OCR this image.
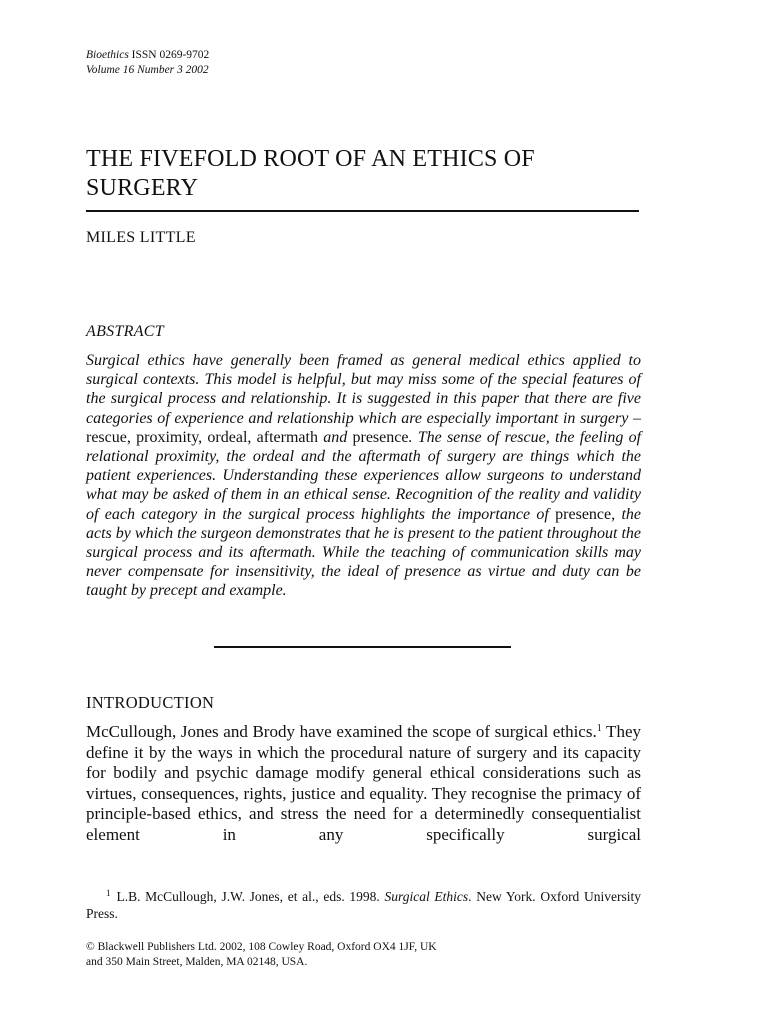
Bioethics ISSN 0269-9702
Volume 16 Number 3 2002
THE FIVEFOLD ROOT OF AN ETHICS OF
SURGERY
MILES LITTLE
ABSTRACT
Surgical ethics have generally been framed as general medical ethics applied to surgical contexts. This model is helpful, but may miss some of the special features of the surgical process and relationship. It is suggested in this paper that there are five categories of experience and relationship which are especially important in surgery – rescue, proximity, ordeal, aftermath and presence. The sense of rescue, the feeling of relational proximity, the ordeal and the aftermath of surgery are things which the patient experiences. Understanding these experiences allow surgeons to understand what may be asked of them in an ethical sense. Recognition of the reality and validity of each category in the surgical process highlights the importance of presence, the acts by which the surgeon demonstrates that he is present to the patient throughout the surgical process and its aftermath. While the teaching of communication skills may never compensate for insensitivity, the ideal of presence as virtue and duty can be taught by precept and example.
INTRODUCTION
McCullough, Jones and Brody have examined the scope of surgical ethics.$^1$ They define it by the ways in which the procedural nature of surgery and its capacity for bodily and psychic damage modify general ethical considerations such as virtues, consequences, rights, justice and equality. They recognise the primacy of principle-based ethics, and stress the need for a determinedly consequentialist element in any specifically surgical
$^1$ L.B. McCullough, J.W. Jones, et al., eds. 1998. Surgical Ethics. New York. Oxford University Press.
© Blackwell Publishers Ltd. 2002, 108 Cowley Road, Oxford OX4 1JF, UK
and 350 Main Street, Malden, MA 02148, USA.
